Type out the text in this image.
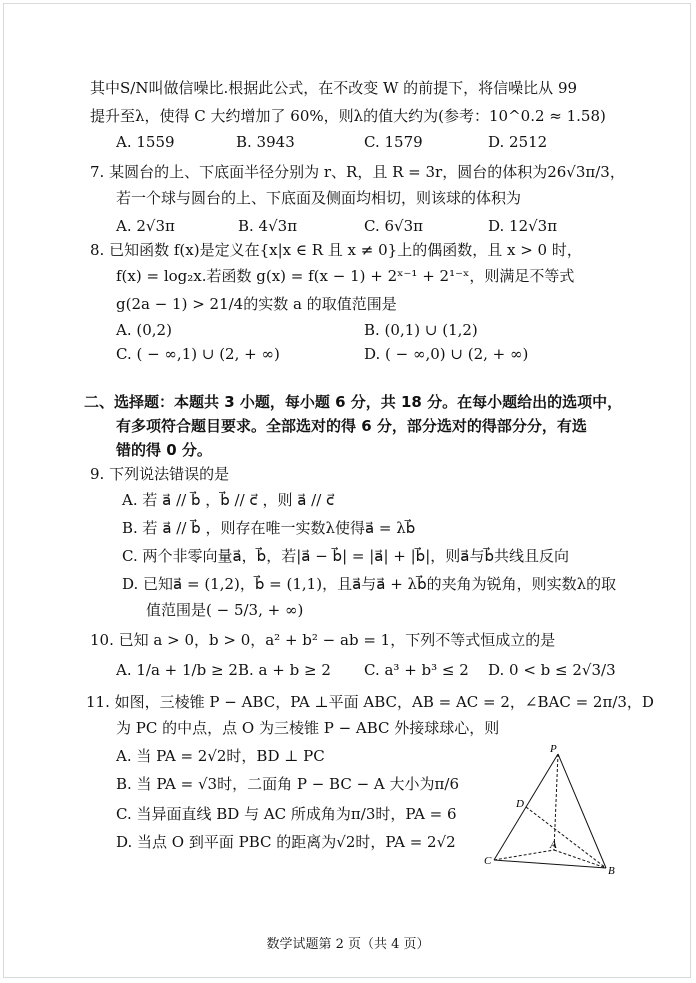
其中S/N叫做信噪比.根据此公式，在不改变 W 的前提下，将信噪比从 99
提升至λ，使得 C 大约增加了 60%，则λ的值大约为(参考：10^0.2 ≈ 1.58)
A. 1559	B. 3943	C. 1579	D. 2512
7. 某圆台的上、下底面半径分别为 r、R，且 R = 3r，圆台的体积为26√3π/3，
若一个球与圆台的上、下底面及侧面均相切，则该球的体积为
A. 2√3π	B. 4√3π	C. 6√3π	D. 12√3π
8. 已知函数 f(x)是定义在{x|x ∈ R 且 x ≠ 0}上的偶函数，且 x > 0 时，
f(x) = log₂x.若函数 g(x) = f(x − 1) + 2ˣ⁻¹ + 2¹⁻ˣ，则满足不等式
g(2a − 1) > 21/4的实数 a 的取值范围是
A. (0,2)	B. (0,1) ∪ (1,2)
C. ( − ∞,1) ∪ (2, + ∞)	D. ( − ∞,0) ∪ (2, + ∞)
二、选择题：本题共 3 小题，每小题 6 分，共 18 分。在每小题给出的选项中，
有多项符合题目要求。全部选对的得 6 分，部分选对的得部分分，有选
错的得 0 分。
9. 下列说法错误的是
A. 若 a⃗ // b⃗ ，b⃗ // c⃗ ，则 a⃗ // c⃗
B. 若 a⃗ // b⃗ ，则存在唯一实数λ使得a⃗ = λb⃗
C. 两个非零向量a⃗，b⃗，若|a⃗ − b⃗| = |a⃗| + |b⃗|，则a⃗与b⃗共线且反向
D. 已知a⃗ = (1,2)，b⃗ = (1,1)，且a⃗与a⃗ + λb⃗的夹角为锐角，则实数λ的取
值范围是( − 5/3, + ∞)
10. 已知 a > 0，b > 0，a² + b² − ab = 1，下列不等式恒成立的是
A. 1/a + 1/b ≥ 2 B. a + b ≥ 2 C. a³ + b³ ≤ 2 D. 0 < b ≤ 2√3/3
11. 如图，三棱锥 P − ABC，PA ⊥平面 ABC，AB = AC = 2，∠BAC = 2π/3，D
为 PC 的中点，点 O 为三棱锥 P − ABC 外接球球心，则
A. 当 PA = 2√2时，BD ⊥ PC
B. 当 PA = √3时，二面角 P − BC − A 大小为π/6
C. 当异面直线 BD 与 AC 所成角为π/3时，PA = 6
D. 当点 O 到平面 PBC 的距离为√2时，PA = 2√2
P
D
A
C
B
数学试题第 2 页（共 4 页）
